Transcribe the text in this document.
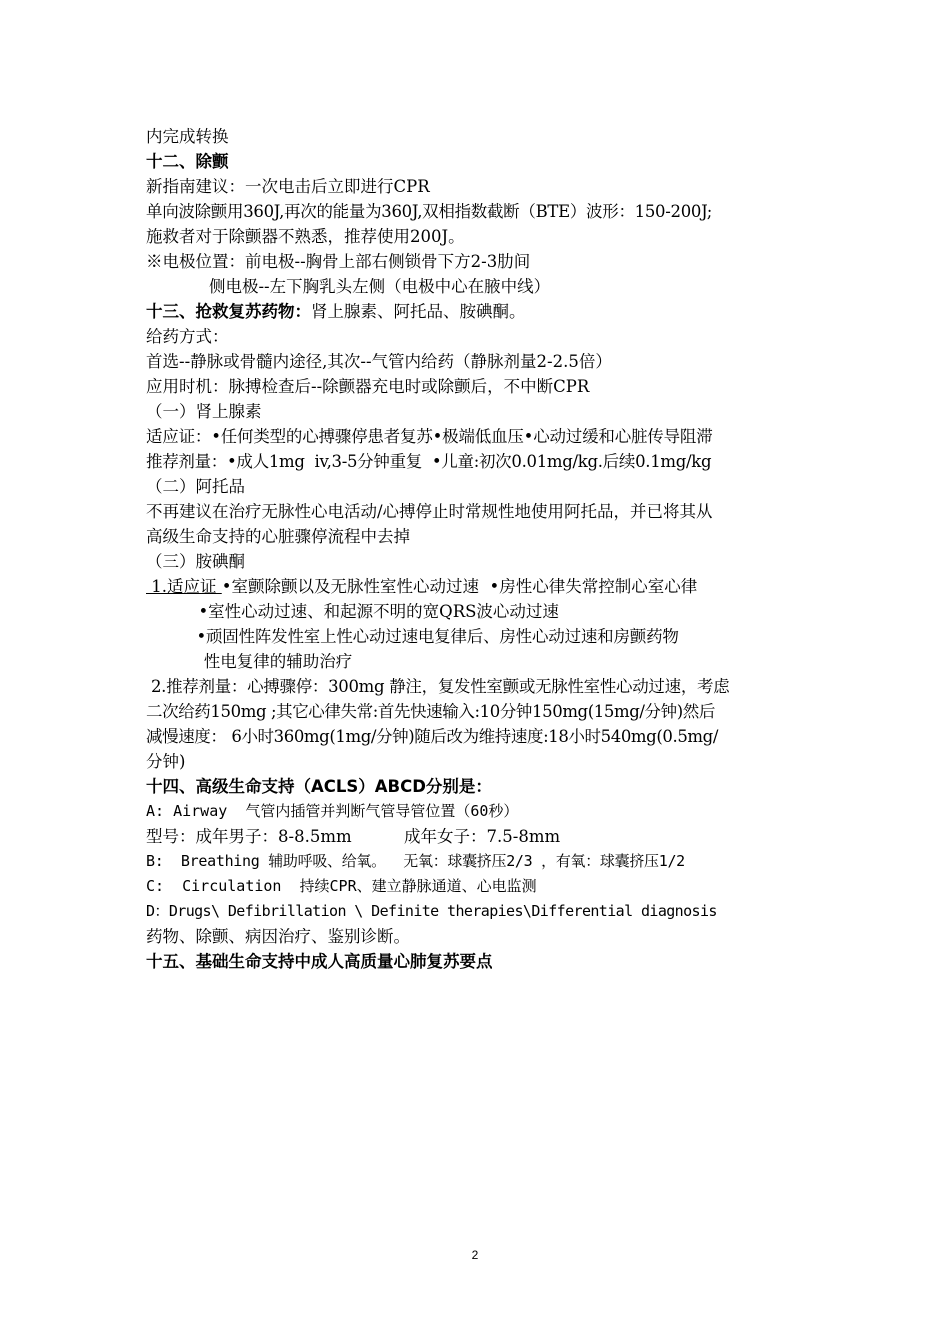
内完成转换
十二、除颤
新指南建议：一次电击后立即进行CPR
单向波除颤用360J,再次的能量为360J,双相指数截断（BTE）波形：150-200J;
施救者对于除颤器不熟悉，推荐使用200J。
※电极位置：前电极--胸骨上部右侧锁骨下方2-3肋间
侧电极--左下胸乳头左侧（电极中心在腋中线）
十三、抢救复苏药物：肾上腺素、阿托品、胺碘酮。
给药方式：
首选--静脉或骨髓内途径,其次--气管内给药（静脉剂量2-2.5倍）
应用时机：脉搏检查后--除颤器充电时或除颤后，不中断CPR
（一）肾上腺素
适应证：•任何类型的心搏骤停患者复苏•极端低血压•心动过缓和心脏传导阻滞
推荐剂量：•成人1mg  iv,3-5分钟重复  •儿童:初次0.01mg/kg.后续0.1mg/kg
（二）阿托品
不再建议在治疗无脉性心电活动/心搏停止时常规性地使用阿托品，并已将其从
高级生命支持的心脏骤停流程中去掉
（三）胺碘酮
1.适应证 •室颤除颤以及无脉性室性心动过速  •房性心律失常控制心室心律
•室性心动过速、和起源不明的宽QRS波心动过速
•顽固性阵发性室上性心动过速电复律后、房性心动过速和房颤药物
性电复律的辅助治疗
2.推荐剂量：心搏骤停：300mg 静注，复发性室颤或无脉性室性心动过速，考虑
二次给药150mg ;其它心律失常:首先快速输入:10分钟150mg(15mg/分钟)然后
减慢速度： 6小时360mg(1mg/分钟)随后改为维持速度:18小时540mg(0.5mg/
分钟)
十四、高级生命支持（ACLS）ABCD分别是：
A: Airway  气管内插管并判断气管导管位置（60秒）
型号：成年男子：8-8.5mm          成年女子：7.5-8mm
B:  Breathing 辅助呼吸、给氧。  无氧：球囊挤压2/3 ，有氧：球囊挤压1/2
C:  Circulation  持续CPR、建立静脉通道、心电监测
D：Drugs\ Defibrillation \ Definite therapies\Differential diagnosis
药物、除颤、病因治疗、鉴别诊断。
十五、基础生命支持中成人高质量心肺复苏要点
2
